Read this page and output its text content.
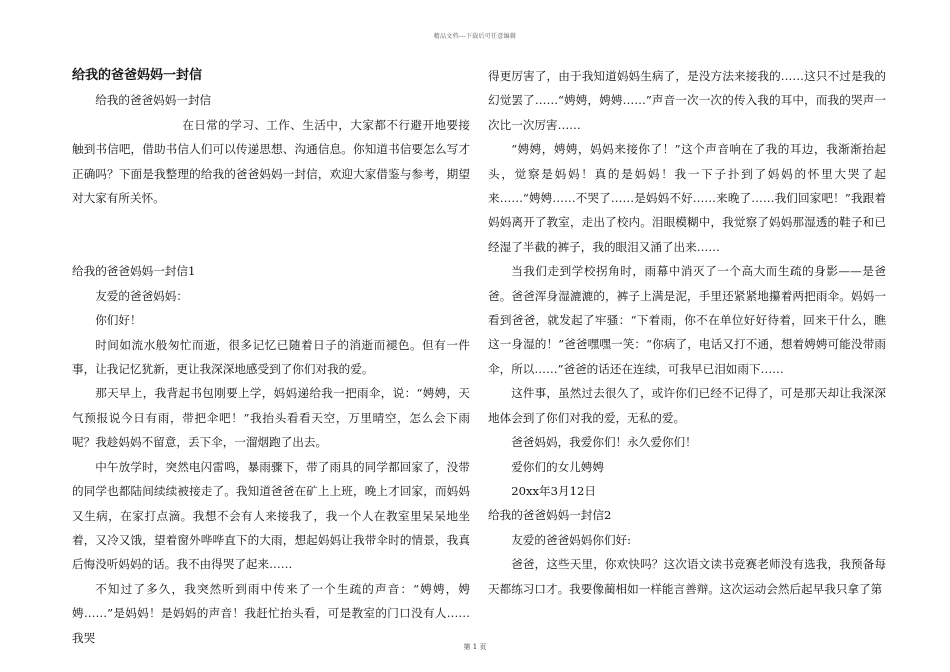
精品文档---下载后可任意编辑

给我的爸爸妈妈一封信

给我的爸爸妈妈一封信

在日常的学习、工作、生活中，大家都不行避开地要接触到书信吧，借助书信人们可以传递思想、沟通信息。你知道书信要怎么写才正确吗？下面是我整理的给我的爸爸妈妈一封信，欢迎大家借鉴与参考，期望对大家有所关怀。

给我的爸爸妈妈一封信1

友爱的爸爸妈妈：

你们好！

时间如流水般匆忙而逝，很多记忆已随着日子的消逝而褪色。但有一件事，让我记忆犹新，更让我深深地感受到了你们对我的爱。

那天早上，我背起书包刚要上学，妈妈递给我一把雨伞，说：“娉娉，天气预报说今日有雨，带把伞吧！”我抬头看看天空，万里晴空，怎么会下雨呢？我趁妈妈不留意，丢下伞，一溜烟跑了出去。

中午放学时，突然电闪雷鸣，暴雨骤下，带了雨具的同学都回家了，没带的同学也都陆间续续被接走了。我知道爸爸在矿上上班，晚上才回家，而妈妈又生病，在家打点滴。我想不会有人来接我了，我一个人在教室里呆呆地坐着，又冷又饿，望着窗外哗哗直下的大雨，想起妈妈让我带伞时的情景，我真后悔没听妈妈的话。我不由得哭了起来……

不知过了多久，我突然听到雨中传来了一个生疏的声音：“娉娉，娉娉……”是妈妈！是妈妈的声音！我赶忙抬头看，可是教室的门口没有人……我哭

得更厉害了，由于我知道妈妈生病了，是没方法来接我的……这只不过是我的幻觉罢了……“娉娉，娉娉……”声音一次一次的传入我的耳中，而我的哭声一次比一次厉害……

“娉娉，娉娉，妈妈来接你了！”这个声音响在了我的耳边，我渐渐抬起头，觉察是妈妈！真的是妈妈！我一下子扑到了妈妈的怀里大哭了起来……“娉娉……不哭了……是妈妈不好……来晚了……我们回家吧！”我跟着妈妈离开了教室，走出了校内。泪眼模糊中，我觉察了妈妈那湿透的鞋子和已经湿了半截的裤子，我的眼泪又涌了出来……

当我们走到学校拐角时，雨幕中消灭了一个高大而生疏的身影——是爸爸。爸爸浑身湿漉漉的，裤子上满是泥，手里还紧紧地攥着两把雨伞。妈妈一看到爸爸，就发起了牢骚：“下着雨，你不在单位好好待着，回来干什么，瞧这一身湿的！”爸爸嘿嘿一笑：“你病了，电话又打不通，想着娉娉可能没带雨伞，所以……”爸爸的话还在连续，可我早已泪如雨下……

这件事，虽然过去很久了，或许你们已经不记得了，可是那天却让我深深地体会到了你们对我的爱，无私的爱。

爸爸妈妈，我爱你们！永久爱你们！

爱你们的女儿娉娉

20xx年3月12日

给我的爸爸妈妈一封信2

友爱的爸爸妈妈你们好:

爸爸，这些天里，你欢快吗？这次语文读书竞赛老师没有选我，我预备每天都练习口才。我要像蔺相如一样能言善辩。这次运动会然后起早我只拿了第

第 1 页
